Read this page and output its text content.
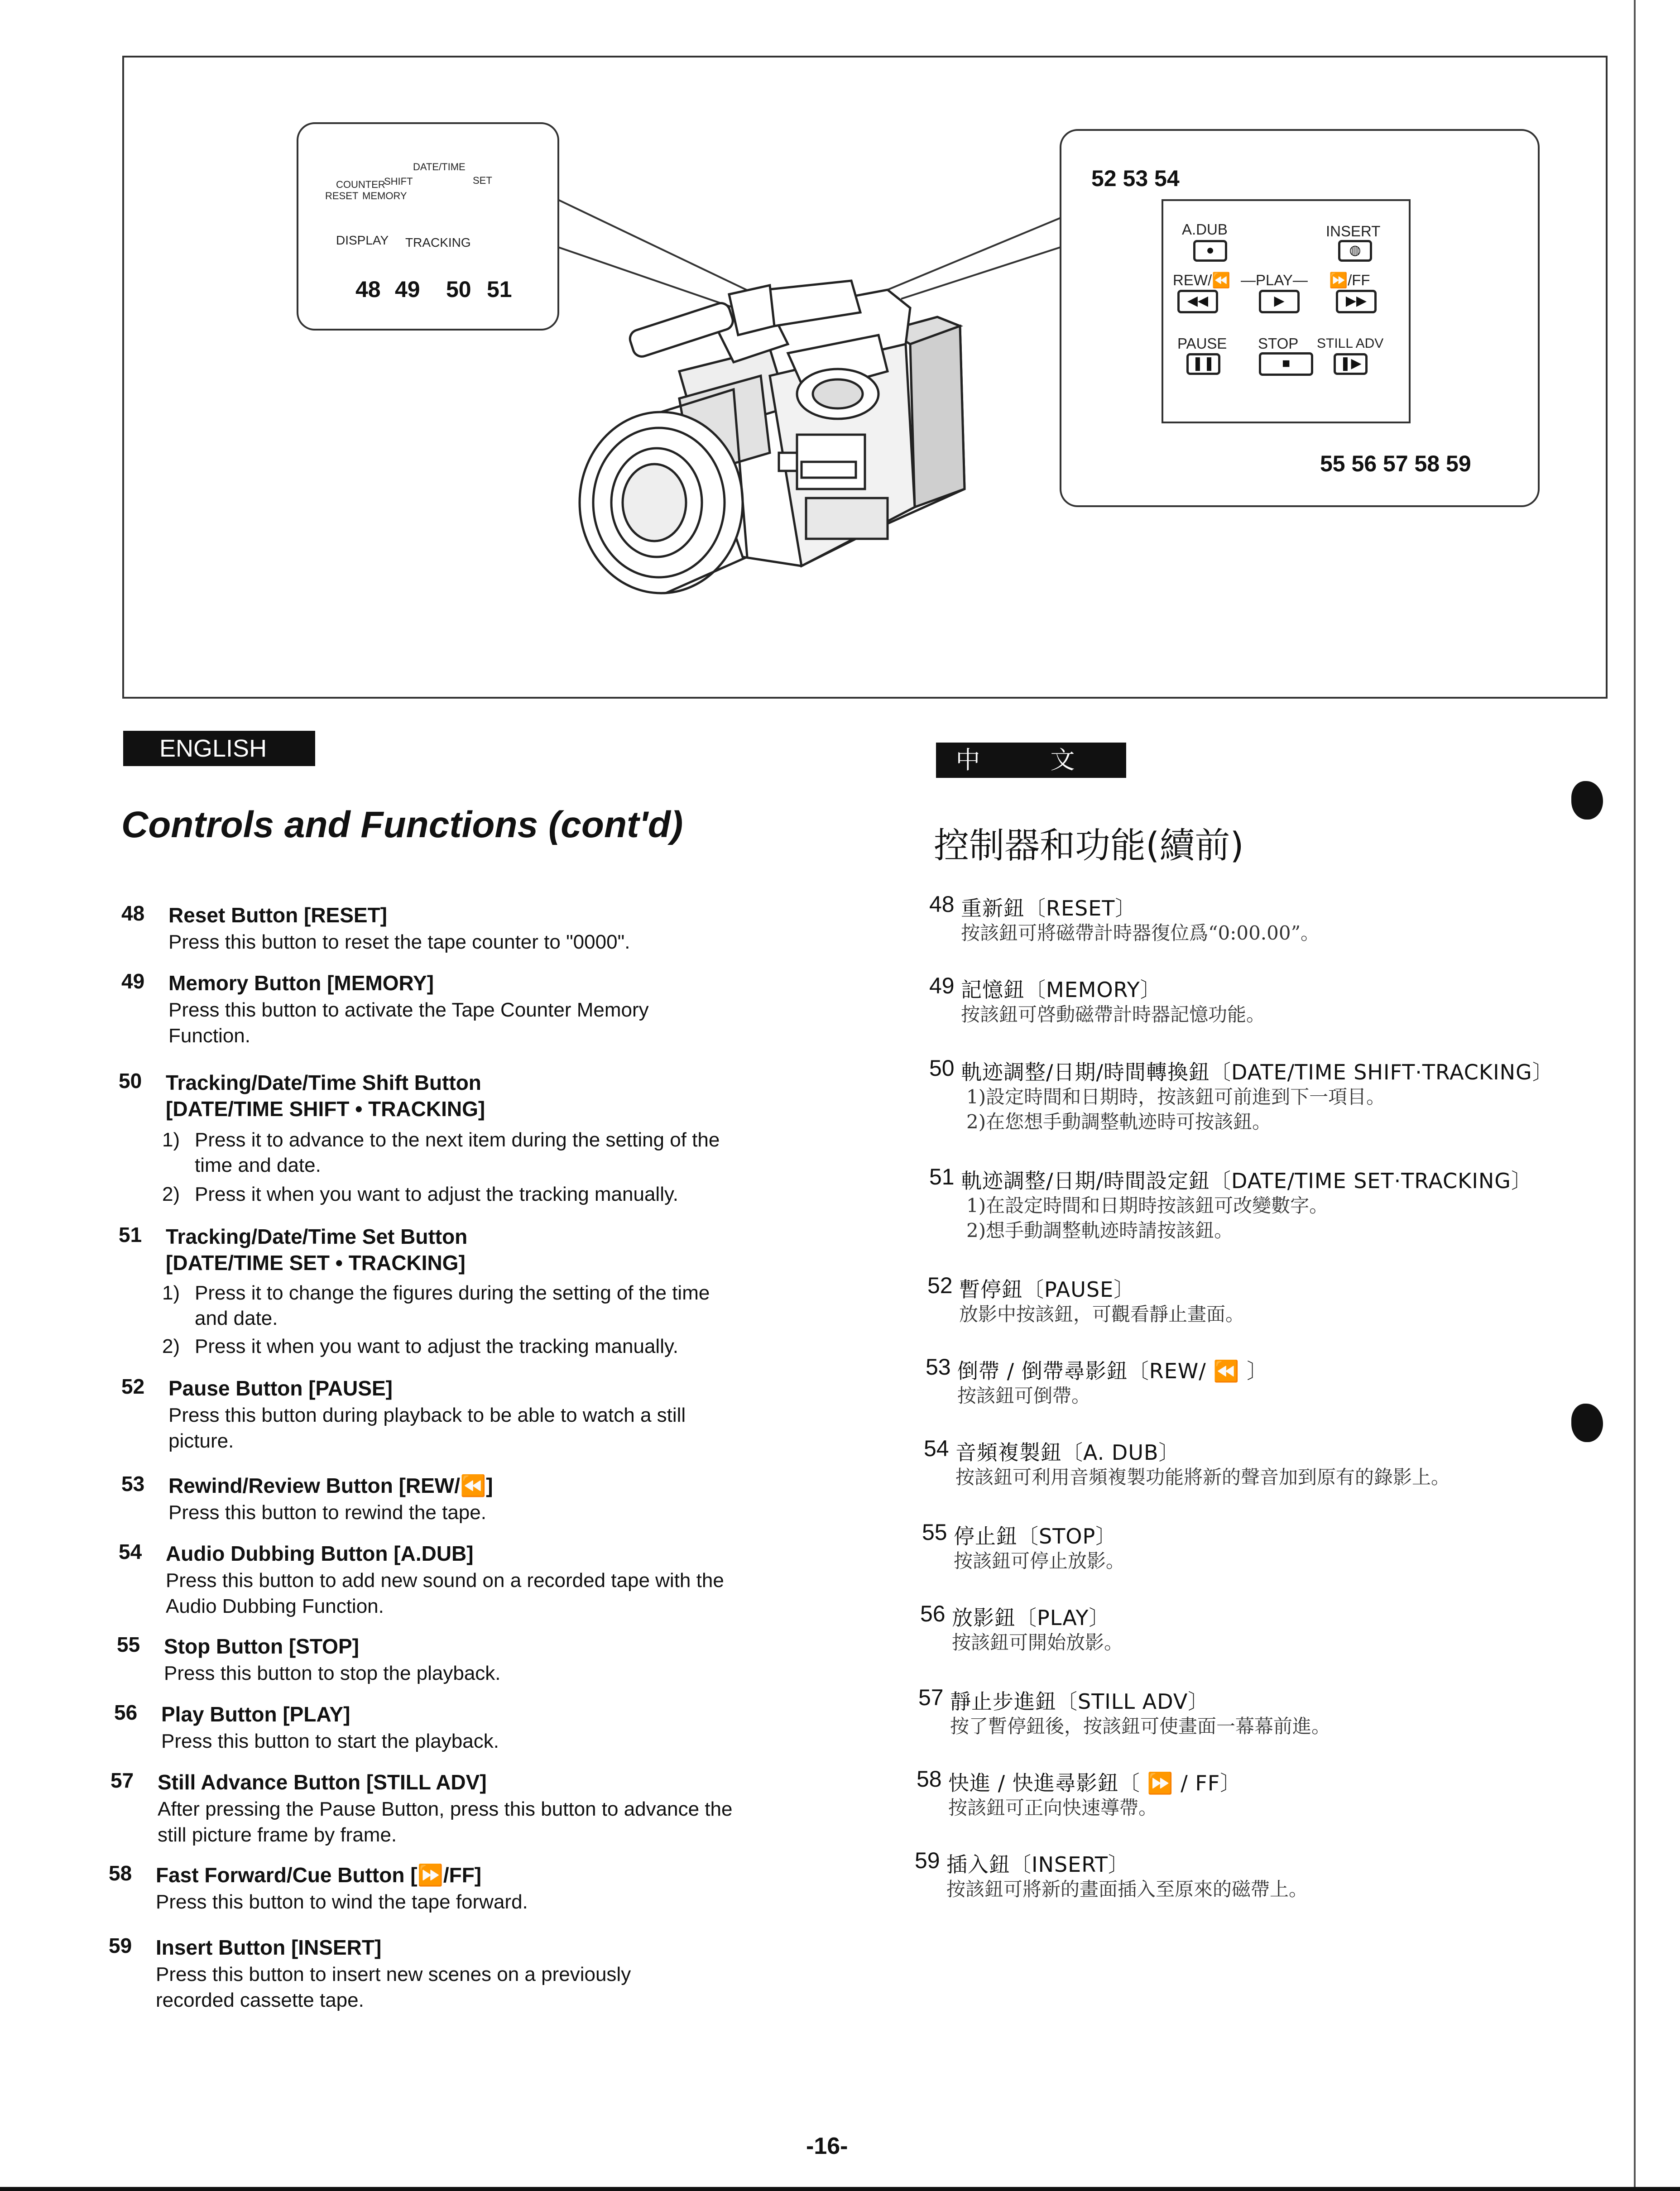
DATE/TIME
SHIFT	SET
COUNTER
RESET MEMORY
DISPLAY TRACKING
48 49 50 51
52 53 54
A.DUB	INSERT
●	◍
REW/⏪ —PLAY— ⏩/FF
◀◀	▶	▶▶
PAUSE STOP STILL ADV
❚❚	■	❚▶
55 56 57 58 59
ENGLISH
Controls and Functions (cont'd)
48 Reset Button [RESET]
Press this button to reset the tape counter to "0000".
49 Memory Button [MEMORY]
Press this button to activate the Tape Counter Memory Function.
50 Tracking/Date/Time Shift Button
[DATE/TIME SHIFT • TRACKING]
1) Press it to advance to the next item during the setting of the time and date.
2) Press it when you want to adjust the tracking manually.
51 Tracking/Date/Time Set Button
[DATE/TIME SET • TRACKING]
1) Press it to change the figures during the setting of the time and date.
2) Press it when you want to adjust the tracking manually.
52 Pause Button [PAUSE]
Press this button during playback to be able to watch a still picture.
53 Rewind/Review Button [REW/⏪]
Press this button to rewind the tape.
54 Audio Dubbing Button [A.DUB]
Press this button to add new sound on a recorded tape with the Audio Dubbing Function.
55 Stop Button [STOP]
Press this button to stop the playback.
56 Play Button [PLAY]
Press this button to start the playback.
57 Still Advance Button [STILL ADV]
After pressing the Pause Button, press this button to advance the still picture frame by frame.
58 Fast Forward/Cue Button [⏩/FF]
Press this button to wind the tape forward.
59 Insert Button [INSERT]
Press this button to insert new scenes on a previously recorded cassette tape.
中 文
控制器和功能(續前)
48 重新鈕〔RESET〕
按該鈕可將磁帶計時器復位爲“0:00.00”。
49 記憶鈕〔MEMORY〕
按該鈕可啓動磁帶計時器記憶功能。
50 軌迹調整/日期/時間轉換鈕〔DATE/TIME SHIFT·TRACKING〕
1)設定時間和日期時，按該鈕可前進到下一項目。
2)在您想手動調整軌迹時可按該鈕。
51 軌迹調整/日期/時間設定鈕〔DATE/TIME SET·TRACKING〕
1)在設定時間和日期時按該鈕可改變數字。
2)想手動調整軌迹時請按該鈕。
52 暫停鈕〔PAUSE〕
放影中按該鈕，可觀看靜止畫面。
53 倒帶 / 倒帶尋影鈕〔REW/ ⏪ 〕
按該鈕可倒帶。
54 音頻複製鈕〔A. DUB〕
按該鈕可利用音頻複製功能將新的聲音加到原有的錄影上。
55 停止鈕〔STOP〕
按該鈕可停止放影。
56 放影鈕〔PLAY〕
按該鈕可開始放影。
57 靜止步進鈕〔STILL ADV〕
按了暫停鈕後，按該鈕可使畫面一幕幕前進。
58 快進 / 快進尋影鈕〔 ⏩ / FF〕
按該鈕可正向快速導帶。
59 插入鈕〔INSERT〕
按該鈕可將新的畫面插入至原來的磁帶上。
-16-
